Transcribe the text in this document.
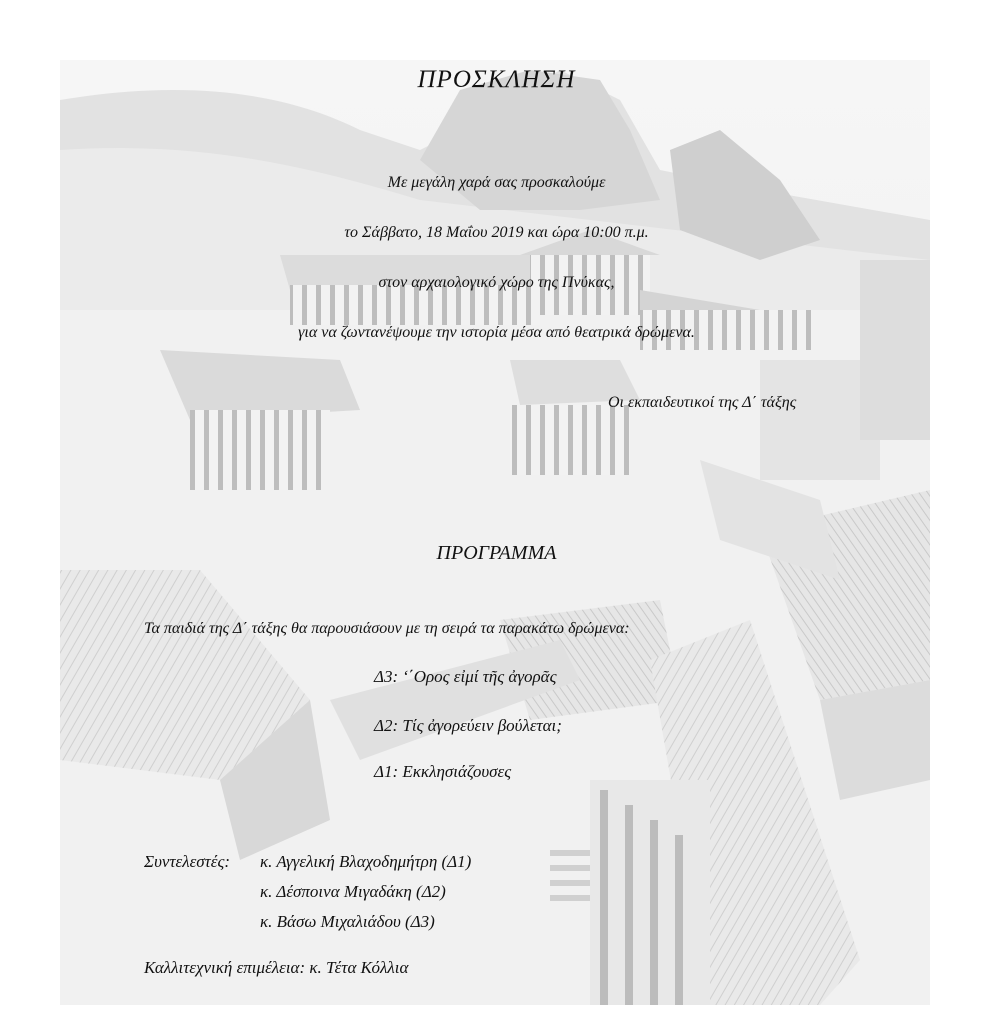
ΠΡΟΣΚΛΗΣΗ
Με μεγάλη χαρά σας προσκαλούμε
το Σάββατο, 18 Μαΐου 2019 και ώρα 10:00 π.μ.
στον αρχαιολογικό χώρο της Πνύκας,
για να ζωντανέψουμε την ιστορία μέσα από θεατρικά δρώμενα.
Οι εκπαιδευτικοί της Δ΄ τάξης
ΠΡΟΓΡΑΜΜΑ
Τα παιδιά της Δ΄ τάξης θα παρουσιάσουν με τη σειρά τα παρακάτω δρώμενα:
Δ3: ‘΄Ορος εἰμί τῆς ἀγορᾶς
Δ2: Τίς ἀγορεύειν βούλεται;
Δ1: Εκκλησιάζουσες
Συντελεστές: κ. Αγγελική Βλαχοδημήτρη (Δ1)
κ. Δέσποινα Μιγαδάκη (Δ2)
κ. Βάσω Μιχαλιάδου (Δ3)
Καλλιτεχνική επιμέλεια: κ. Τέτα Κόλλια
